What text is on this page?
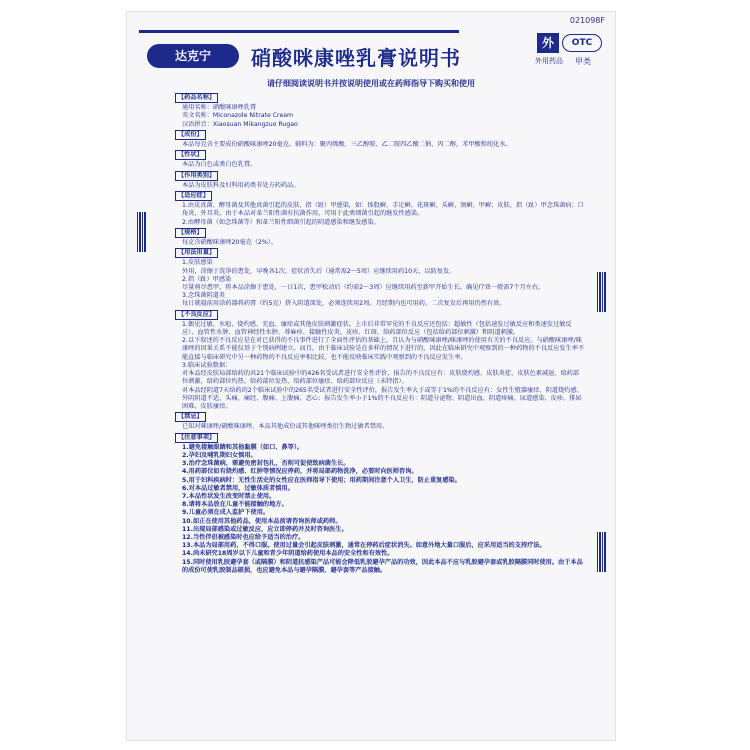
021098F
达克宁	硝酸咪康唑乳膏说明书
外	OTC
外用药品 甲类
请仔细阅读说明书并按说明使用或在药师指导下购买和使用
【药品名称】

通用名称：硝酸咪康唑乳膏

英文名称：Miconazole Nitrate Cream

汉语拼音：Xiaosuan Mikangzuo Rugao

【成份】

本品每克含主要成份硝酸咪康唑20毫克。辅料为：聚丙烯酸、三乙醇胺、乙二胺四乙酸二钠、丙二醇、苯甲酸和纯化水。

【性状】

本品为白色或类白色乳膏。

【作用类别】

本品为皮肤科及妇科用药类非处方药药品。

【适应症】

1.由皮真菌、酵母菌及其他真菌引起的皮肤、指（趾）甲感染，如：体股癣、手足癣、花斑癣、头癣、须癣、甲癣；皮肤、指（趾）甲念珠菌病；口角炎、外耳炎。由于本品对革兰阳性菌有抗菌作用，可用于此类细菌引起的继发性感染。

2.由酵母菌（如念珠菌等）和革兰阳性细菌引起的阴道感染和继发感染。

【规格】

每克含硝酸咪康唑20毫克（2%）。

【用法用量】

1.皮肤感染

外用，涂擦于洗净的患处，早晚各1次，症状消失后（通常需2～5周）应继续用药10天，以防复发。

2.指（趾）甲感染

尽量剪尽患甲，将本品涂擦于患处，一日1次，患甲松动后（约需2～3周）应继续用药至新甲开始生长。确见疗效一般需7个月左右。

3.念珠菌阴道炎

每日就寝前用涂药器将药膏（约5克）挤入阴道深处，必须连续用2周。月经期内也可用药。二次复发后再用仍然有效。

【不良反应】

1.偶见过敏、水疱、烧灼感、充血、瘙痒或其他皮肤刺激症状。上市后非常罕见的不良反应还包括：超敏性（包括速发过敏反应和类速发过敏反应）、血管性水肿、血管神经性水肿、荨麻疹、接触性皮炎、皮疹、红斑、给药部位反应（包括给药部位刺激）和阴道刺激。

2.以下叙述的不良反应是在对已获得的不良事件进行了全面性评估的基础上，且认为与硝酸咪康唑/咪康唑的使用有关的不良反应。与硝酸咪康唑/咪康唑的因果关系不能仅基于个别病例建立。而且，由于临床试验是在多样的情况下进行的，因此在临床研究中观察到的一种药物的不良反应发生率不能直接与临床研究中另一种药物的不良反应率相比较，也不能反映临床实践中观察到的不良反应发生率。

3.临床试验数据：

对本品经皮肤局部给药的共21个临床试验中的426名受试者进行安全性评价，报告的不良反应有：皮肤烧灼感、皮肤炎症、皮肤色素减退、给药部位刺激、给药部位灼热、给药部位发热、给药部位瘙痒、给药部位反应（未特指）。

对本品经阴道7天给药的2个临床试验中的265名受试者进行安全性评价，报告发生率大于或等于1%的不良反应有：女性生殖器瘙痒、阴道烧灼感、外阴阴道不适、头痛、痛经、腹痛、上腹痛、恶心；报告发生率小于1%的不良反应有：阴道分泌物、阴道出血、阴道疼痛、尿道感染、皮疹、排尿困难、皮肤瘙痒。

【禁忌】

已知对咪康唑/硝酸咪康唑、本品其他成份或其他咪唑类衍生物过敏者禁用。

【注意事项】

1.避免接触眼睛和其他黏膜（如口、鼻等）。

2.孕妇及哺乳期妇女慎用。

3.治疗念珠菌病，需避免密封包扎，否则可促使致病菌生长。

4.用药部位如有烧灼感、红肿等情况应停药，并将局部药物洗净，必要时向医师咨询。

5.用于妇科疾病时：无性生活史的女性应在医师指导下使用；用药期间注意个人卫生，防止重复感染。

6.对本品过敏者禁用，过敏体质者慎用。

7.本品性状发生改变时禁止使用。

8.请将本品放在儿童不能接触的地方。

9.儿童必须在成人监护下使用。

10.如正在使用其他药品，使用本品前请咨询医师或药师。

11.出现局部感染或过敏反应，应立即停药并及时咨询医生。

12.当性伴侣被感染时也应给予适当的治疗。

13.本品为局部用药，不得口服。使用过量会引起皮肤刺激，通常在停药后症状消失。如意外地大量口服后，应采用适当的支持疗法。

14.尚未研究18周岁以下儿童和青少年阴道给药使用本品的安全性和有效性。

15.同时使用乳胶避孕套（或隔膜）和阴道抗感染产品可能会降低乳胶避孕产品的功效，因此本品不应与乳胶避孕套或乳胶隔膜同时使用。由于本品的成份可使乳胶制品破损，也应避免本品与避孕隔膜、避孕套等产品接触。
